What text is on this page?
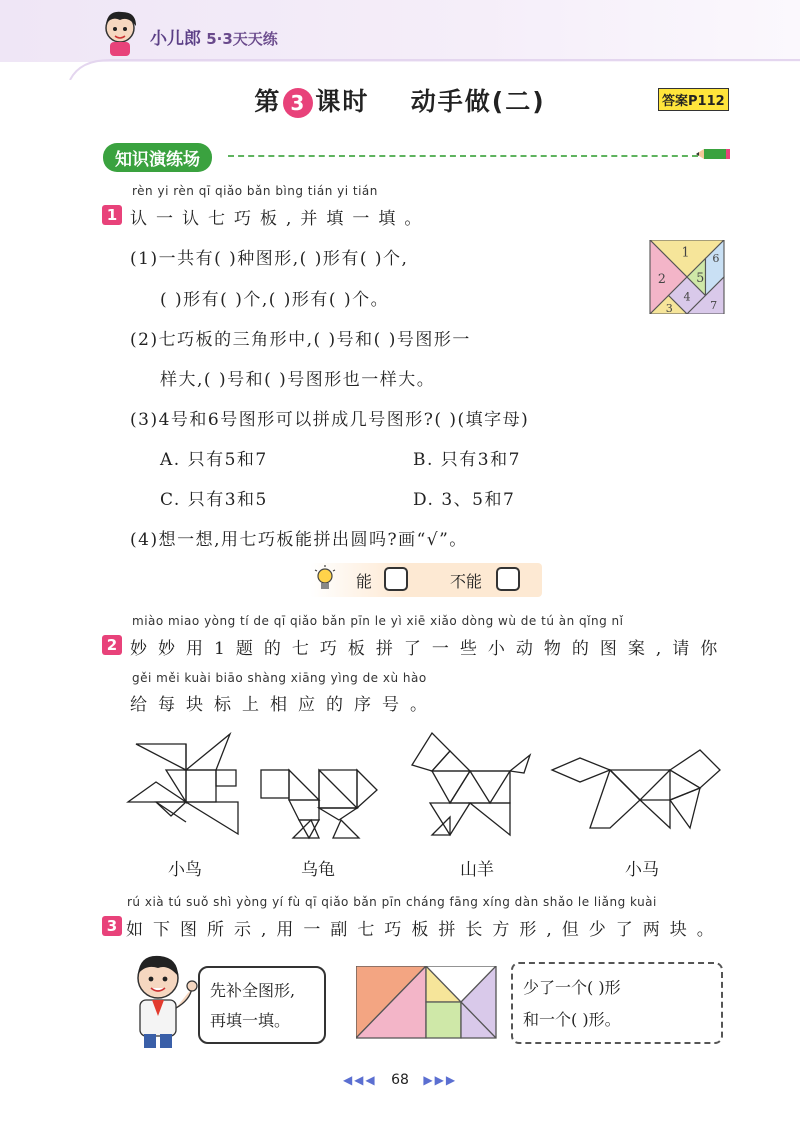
小儿郎 5·3天天练
第 3 课时 动手做(二)	答案P112
知识演练场
rèn yi rèn qī qiǎo bǎn bìng tián yi tián
1 认一认七巧板,并填一填。
(1)一共有( )种图形,( )形有( )个,
( )形有( )个,( )形有( )个。
(2)七巧板的三角形中,( )号和( )号图形一
样大,( )号和( )号图形也一样大。
(3)4号和6号图形可以拼成几号图形?( )(填字母)
A. 只有5和7	B. 只有3和7
C. 只有3和5	D. 3、5和7
(4)想一想,用七巧板能拼出圆吗?画“√”。
1
2
3
4
5
6
7
能	不能
miào miao yòng tí de qī qiǎo bǎn pīn le yì xiē xiǎo dòng wù de tú àn qǐng nǐ
2 妙妙用1题的七巧板拼了一些小动物的图案,请你
gěi měi kuài biāo shàng xiāng yìng de xù hào
给每块标上相应的序号。
小鸟	乌龟	山羊	小马
rú xià tú suǒ shì yòng yí fù qī qiǎo bǎn pīn cháng fāng xíng dàn shǎo le liǎng kuài
3 如下图所示,用一副七巧板拼长方形,但少了两块。
先补全图形,
再填一填。
少了一个( )形
和一个( )形。
◀◀◀ 68 ▶▶▶
